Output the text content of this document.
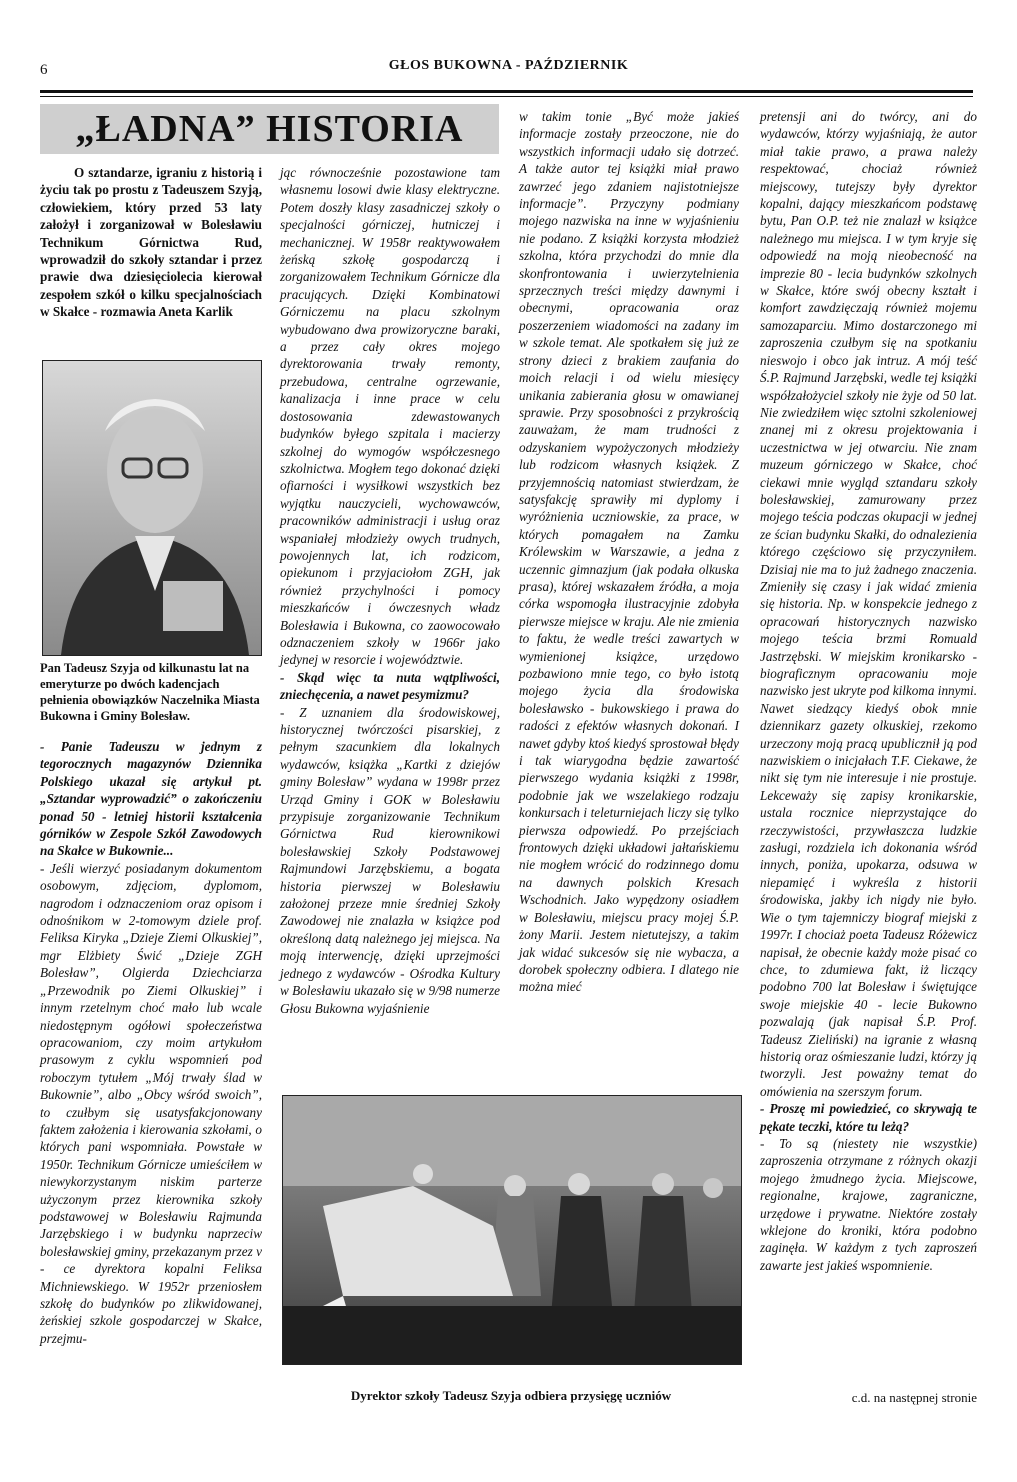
6	GŁOS BUKOWNA - PAŹDZIERNIK
„ŁADNA” HISTORIA

O sztandarze, igraniu z historią i życiu tak po prostu z Tadeuszem Szyją, człowiekiem, który przed 53 laty założył i zorganizował w Bolesławiu Technikum Górnictwa Rud, wprowadził do szkoły sztandar i przez prawie dwa dziesięciolecia kierował zespołem szkół o kilku specjalnościach w Skałce - rozmawia Aneta Karlik

Pan Tadeusz Szyja od kilkunastu lat na emeryturze po dwóch kadencjach pełnienia obowiązków Naczelnika Miasta Bukowna i Gminy Bolesław.

- Panie Tadeuszu w jednym z tegorocznych magazynów Dziennika Polskiego ukazał się artykuł pt. „Sztandar wyprowadzić” o zakończeniu ponad 50 - letniej historii kształcenia górników w Zespole Szkół Zawodowych na Skałce w Bukownie...

- Jeśli wierzyć posiadanym dokumentom osobowym, zdjęciom, dyplomom, nagrodom i odznaczeniom oraz opisom i odnośnikom w 2-tomowym dziele prof. Feliksa Kiryka „Dzieje Ziemi Olkuskiej”, mgr Elżbiety Świć „Dzieje ZGH Bolesław”, Olgierda Dziechciarza „Przewodnik po Ziemi Olkuskiej” i innym rzetelnym choć mało lub wcale niedostępnym ogółowi społeczeństwa opracowaniom, czy moim artykułom prasowym z cyklu wspomnień pod roboczym tytułem „Mój trwały ślad w Bukownie”, albo „Obcy wśród swoich”, to czułbym się usatysfakcjonowany faktem założenia i kierowania szkołami, o których pani wspomniała. Powstałe w 1950r. Technikum Górnicze umieściłem w niewykorzystanym niskim parterze użyczonym przez kierownika szkoły podstawowej w Bolesławiu Rajmunda Jarzębskiego i w budynku naprzeciw bolesławskiej gminy, przekazanym przez v - ce dyrektora kopalni Feliksa Michniewskiego. W 1952r przeniosłem szkołę do budynków po zlikwidowanej, żeńskiej szkole gospodarczej w Skałce, przejmu-

jąc równocześnie pozostawione tam własnemu losowi dwie klasy elektryczne. Potem doszły klasy zasadniczej szkoły o specjalności górniczej, hutniczej i mechanicznej. W 1958r reaktywowałem żeńską szkołę gospodarczą i zorganizowałem Technikum Górnicze dla pracujących. Dzięki Kombinatowi Górniczemu na placu szkolnym wybudowano dwa prowizoryczne baraki, a przez cały okres mojego dyrektorowania trwały remonty, przebudowa, centralne ogrzewanie, kanalizacja i inne prace w celu dostosowania zdewastowanych budynków byłego szpitala i macierzy szkolnej do wymogów współczesnego szkolnictwa. Mogłem tego dokonać dzięki ofiarności i wysiłkowi wszystkich bez wyjątku nauczycieli, wychowawców, pracowników administracji i usług oraz wspaniałej młodzieży owych trudnych, powojennych lat, ich rodzicom, opiekunom i przyjaciołom ZGH, jak również przychylności i pomocy mieszkańców i ówczesnych władz Bolesławia i Bukowna, co zaowocowało odznaczeniem szkoły w 1966r jako jedynej w resorcie i województwie.

- Skąd więc ta nuta wątpliwości, zniechęcenia, a nawet pesymizmu?

- Z uznaniem dla środowiskowej, historycznej twórczości pisarskiej, z pełnym szacunkiem dla lokalnych wydawców, książka „Kartki z dziejów gminy Bolesław” wydana w 1998r przez Urząd Gminy i GOK w Bolesławiu przypisuje zorganizowanie Technikum Górnictwa Rud kierownikowi bolesławskiej Szkoły Podstawowej Rajmundowi Jarzębskiemu, a bogata historia pierwszej w Bolesławiu założonej przeze mnie średniej Szkoły Zawodowej nie znalazła w książce pod określoną datą należnego jej miejsca. Na moją interwencję, dzięki uprzejmości jednego z wydawców - Ośrodka Kultury w Bolesławiu ukazało się w 9/98 numerze Głosu Bukowna wyjaśnienie

w takim tonie „Być może jakieś informacje zostały przeoczone, nie do wszystkich informacji udało się dotrzeć. A także autor tej książki miał prawo zawrzeć jego zdaniem najistotniejsze informacje”. Przyczyny podmiany mojego nazwiska na inne w wyjaśnieniu nie podano. Z książki korzysta młodzież szkolna, która przychodzi do mnie dla skonfrontowania i uwierzytelnienia sprzecznych treści między dawnymi i obecnymi, opracowania oraz poszerzeniem wiadomości na zadany im w szkole temat. Ale spotkałem się już ze strony dzieci z brakiem zaufania do moich relacji i od wielu miesięcy unikania zabierania głosu w omawianej sprawie. Przy sposobności z przykrością zauważam, że mam trudności z odzyskaniem wypożyczonych młodzieży lub rodzicom własnych książek. Z przyjemnością natomiast stwierdzam, że satysfakcję sprawiły mi dyplomy i wyróżnienia uczniowskie, za prace, w których pomagałem na Zamku Królewskim w Warszawie, a jedna z uczennic gimnazjum (jak podała olkuska prasa), której wskazałem źródła, a moja córka wspomogła ilustracyjnie zdobyła pierwsze miejsce w kraju. Ale nie zmienia to faktu, że wedle treści zawartych w wymienionej książce, urzędowo pozbawiono mnie tego, co było istotą mojego życia dla środowiska bolesławsko - bukowskiego i prawa do radości z efektów własnych dokonań. I nawet gdyby ktoś kiedyś sprostował błędy i tak wiarygodna będzie zawartość pierwszego wydania książki z 1998r, podobnie jak we wszelakiego rodzaju konkursach i teleturniejach liczy się tylko pierwsza odpowiedź. Po przejściach frontowych dzięki układowi jałtańskiemu nie mogłem wrócić do rodzinnego domu na dawnych polskich Kresach Wschodnich. Jako wypędzony osiadłem w Bolesławiu, miejscu pracy mojej Ś.P. żony Marii. Jestem nietutejszy, a takim jak widać sukcesów się nie wybacza, a dorobek społeczny odbiera. I dlatego nie można mieć

pretensji ani do twórcy, ani do wydawców, którzy wyjaśniają, że autor miał takie prawo, a prawa należy respektować, chociaż również miejscowy, tutejszy były dyrektor kopalni, dający mieszkańcom podstawę bytu, Pan O.P. też nie znalazł w książce należnego mu miejsca. I w tym kryje się odpowiedź na moją nieobecność na imprezie 80 - lecia budynków szkolnych w Skałce, które swój obecny kształt i komfort zawdzięczają również mojemu samozaparciu. Mimo dostarczonego mi zaproszenia czułbym się na spotkaniu nieswojo i obco jak intruz. A mój teść Ś.P. Rajmund Jarzębski, wedle tej książki współzałożyciel szkoły nie żyje od 50 lat. Nie zwiedziłem więc sztolni szkoleniowej znanej mi z okresu projektowania i uczestnictwa w jej otwarciu. Nie znam muzeum górniczego w Skałce, choć ciekawi mnie wygląd sztandaru szkoły bolesławskiej, zamurowany przez mojego teścia podczas okupacji w jednej ze ścian budynku Skałki, do odnalezienia którego częściowo się przyczyniłem. Dzisiaj nie ma to już żadnego znaczenia. Zmieniły się czasy i jak widać zmienia się historia. Np. w konspekcie jednego z opracowań historycznych nazwisko mojego teścia brzmi Romuald Jastrzębski. W miejskim kronikarsko - biograficznym opracowaniu moje nazwisko jest ukryte pod kilkoma innymi. Nawet siedzący kiedyś obok mnie dziennikarz gazety olkuskiej, rzekomo urzeczony moją pracą upublicznił ją pod nazwiskiem o inicjałach T.F. Ciekawe, że nikt się tym nie interesuje i nie prostuje. Lekceważy się zapisy kronikarskie, ustala rocznice nieprzystające do rzeczywistości, przywłaszcza ludzkie zasługi, rozdziela ich dokonania wśród innych, poniża, upokarza, odsuwa w niepamięć i wykreśla z historii środowiska, jakby ich nigdy nie było. Wie o tym tajemniczy biograf miejski z 1997r. I chociaż poeta Tadeusz Różewicz napisał, że obecnie każdy może pisać co chce, to zdumiewa fakt, iż liczący podobno 700 lat Bolesław i świętujące swoje miejskie 40 - lecie Bukowno pozwalają (jak napisał Ś.P. Prof. Tadeusz Zieliński) na igranie z własną historią oraz ośmieszanie ludzi, którzy ją tworzyli. Jest poważny temat do omówienia na szerszym forum.

- Proszę mi powiedzieć, co skrywają te pękate teczki, które tu leżą?

- To są (niestety nie wszystkie) zaproszenia otrzymane z różnych okazji mojego żmudnego życia. Miejscowe, regionalne, krajowe, zagraniczne, urzędowe i prywatne. Niektóre zostały wklejone do kroniki, która podobno zaginęła. W każdym z tych zaproszeń zawarte jest jakieś wspomnienie.

c.d. na następnej stronie
Dyrektor szkoły Tadeusz Szyja odbiera przysięgę uczniów
